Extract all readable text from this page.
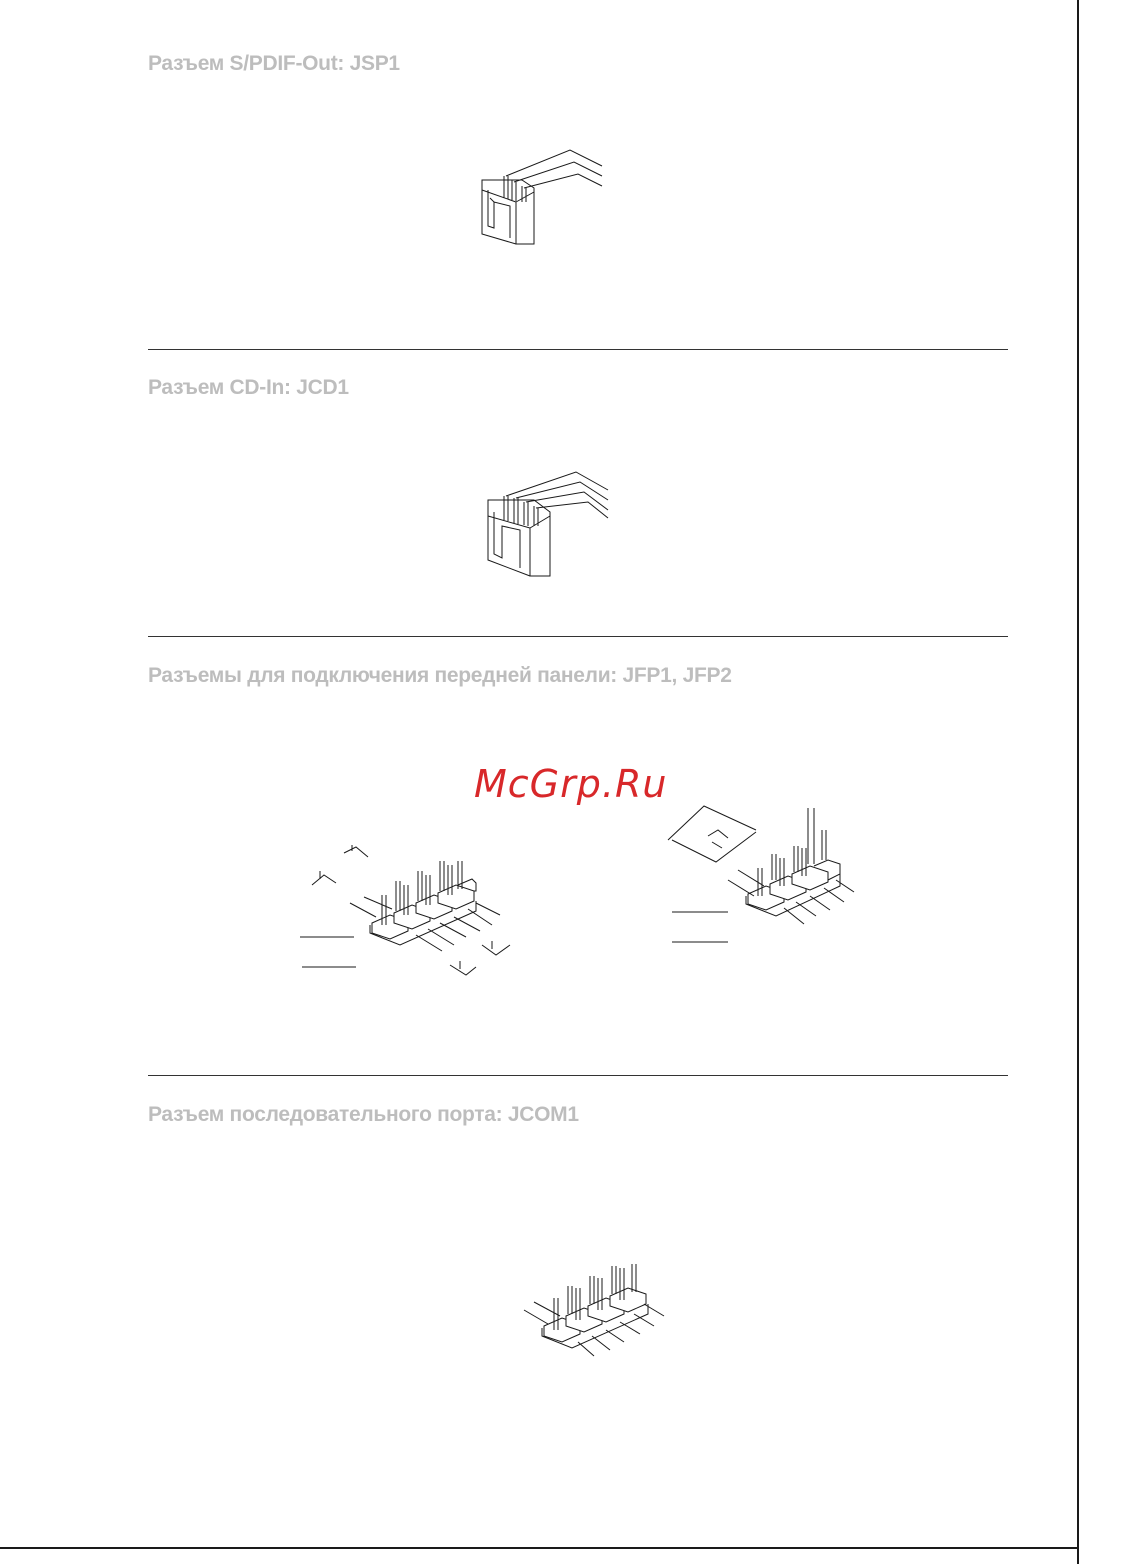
Разъем S/PDIF-Out: JSP1
Разъем CD-In: JCD1
Разъемы для подключения передней панели: JFP1, JFP2
McGrp.Ru
Разъем последовательного порта: JCOM1
